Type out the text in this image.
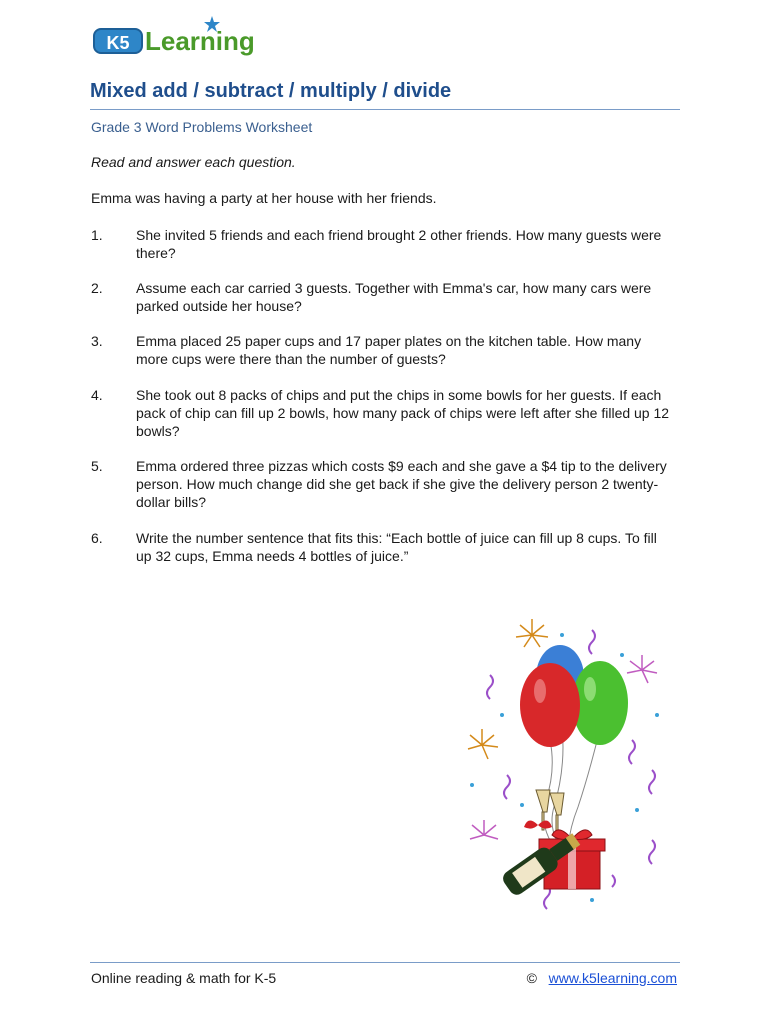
K5 Learning
Mixed add / subtract / multiply / divide
Grade 3 Word Problems Worksheet
Read and answer each question.
Emma was having a party at her house with her friends.
1. She invited 5 friends and each friend brought 2 other friends. How many guests were there?
2. Assume each car carried 3 guests. Together with Emma's car, how many cars were parked outside her house?
3. Emma placed 25 paper cups and 17 paper plates on the kitchen table. How many more cups were there than the number of guests?
4. She took out 8 packs of chips and put the chips in some bowls for her guests. If each pack of chip can fill up 2 bowls, how many pack of chips were left after she filled up 12 bowls?
5. Emma ordered three pizzas which costs $9 each and she gave a $4 tip to the delivery person. How much change did she get back if she give the delivery person 2 twenty-dollar bills?
6. Write the number sentence that fits this: “Each bottle of juice can fill up 8 cups. To fill up 32 cups, Emma needs 4 bottles of juice.”
Online reading & math for K-5	© www.k5learning.com
